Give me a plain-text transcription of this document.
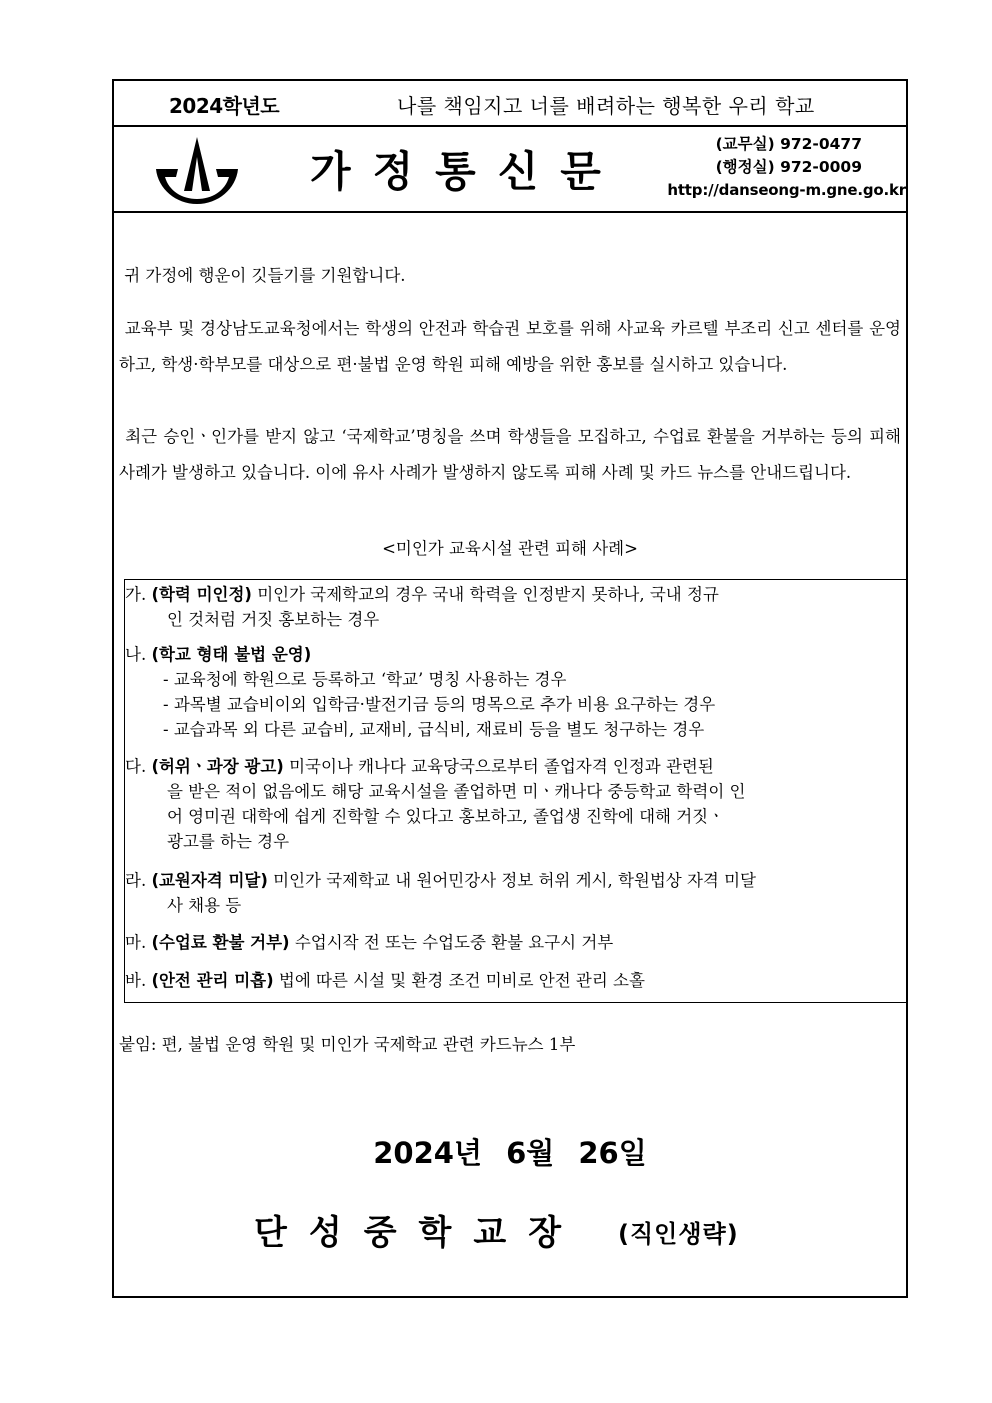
2024학년도	나를 책임지고 너를 배려하는 행복한 우리 학교
가정통신문
(교무실) 972-0477
(행정실) 972-0009
http://danseong-m.gne.go.kr
귀 가정에 행운이 깃들기를 기원합니다.
교육부 및 경상남도교육청에서는 학생의 안전과 학습권 보호를 위해 사교육 카르텔 부조리 신고 센터를 운영하고, 학생·학부모를 대상으로 편·불법 운영 학원 피해 예방을 위한 홍보를 실시하고 있습니다.
최근 승인ㆍ인가를 받지 않고 ‘국제학교’명칭을 쓰며 학생들을 모집하고, 수업료 환불을 거부하는 등의 피해 사례가 발생하고 있습니다. 이에 유사 사례가 발생하지 않도록 피해 사례 및 카드 뉴스를 안내드립니다.
<미인가 교육시설 관련 피해 사례>
가. (학력 미인정) 미인가 국제학교의 경우 국내 학력을 인정받지 못하나, 국내 정규
인 것처럼 거짓 홍보하는 경우
나. (학교 형태 불법 운영)
- 교육청에 학원으로 등록하고 ‘학교’ 명칭 사용하는 경우
- 과목별 교습비이외 입학금·발전기금 등의 명목으로 추가 비용 요구하는 경우
- 교습과목 외 다른 교습비, 교재비, 급식비, 재료비 등을 별도 청구하는 경우
다. (허위ㆍ과장 광고) 미국이나 캐나다 교육당국으로부터 졸업자격 인정과 관련된
을 받은 적이 없음에도 해당 교육시설을 졸업하면 미ㆍ캐나다 중등학교 학력이 인
어 영미권 대학에 쉽게 진학할 수 있다고 홍보하고, 졸업생 진학에 대해 거짓ㆍ
광고를 하는 경우
라. (교원자격 미달) 미인가 국제학교 내 원어민강사 정보 허위 게시, 학원법상 자격 미달
사 채용 등
마. (수업료 환불 거부) 수업시작 전 또는 수업도중 환불 요구시 거부
바. (안전 관리 미흡) 법에 따른 시설 및 환경 조건 미비로 안전 관리 소홀
붙임: 편, 불법 운영 학원 및 미인가 국제학교 관련 카드뉴스 1부
2024년 6월 26일
단성중학교장 (직인생략)
